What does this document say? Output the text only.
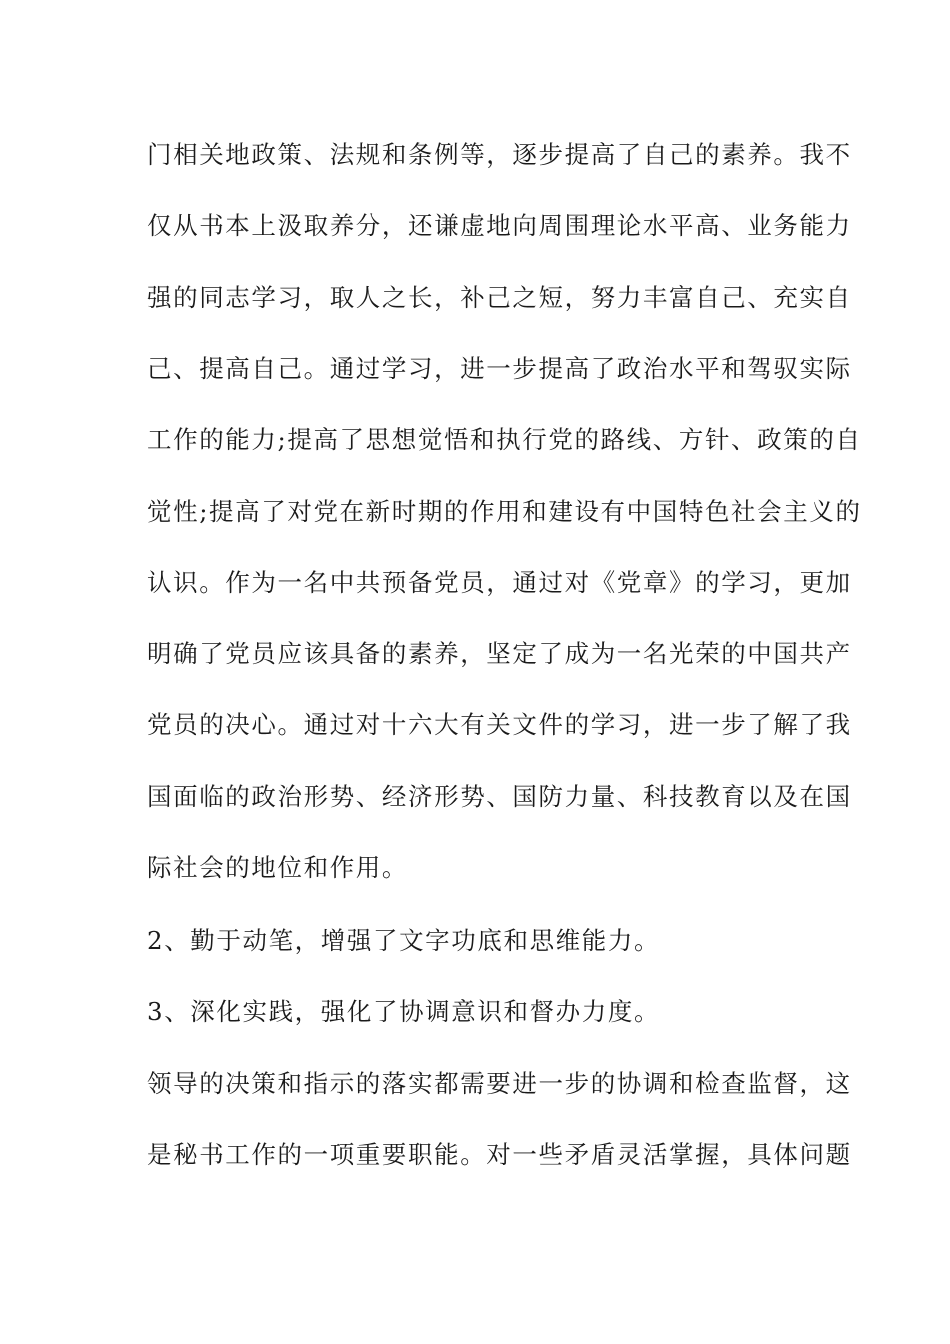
门相关地政策、法规和条例等，逐步提高了自己的素养。我不
仅从书本上汲取养分，还谦虚地向周围理论水平高、业务能力
强的同志学习，取人之长，补己之短，努力丰富自己、充实自
己、提高自己。通过学习，进一步提高了政治水平和驾驭实际
工作的能力;提高了思想觉悟和执行党的路线、方针、政策的自
觉性;提高了对党在新时期的作用和建设有中国特色社会主义的
认识。作为一名中共预备党员，通过对《党章》的学习，更加
明确了党员应该具备的素养，坚定了成为一名光荣的中国共产
党员的决心。通过对十六大有关文件的学习，进一步了解了我
国面临的政治形势、经济形势、国防力量、科技教育以及在国
际社会的地位和作用。
2、勤于动笔，增强了文字功底和思维能力。
3、深化实践，强化了协调意识和督办力度。
领导的决策和指示的落实都需要进一步的协调和检查监督，这
是秘书工作的一项重要职能。对一些矛盾灵活掌握，具体问题
